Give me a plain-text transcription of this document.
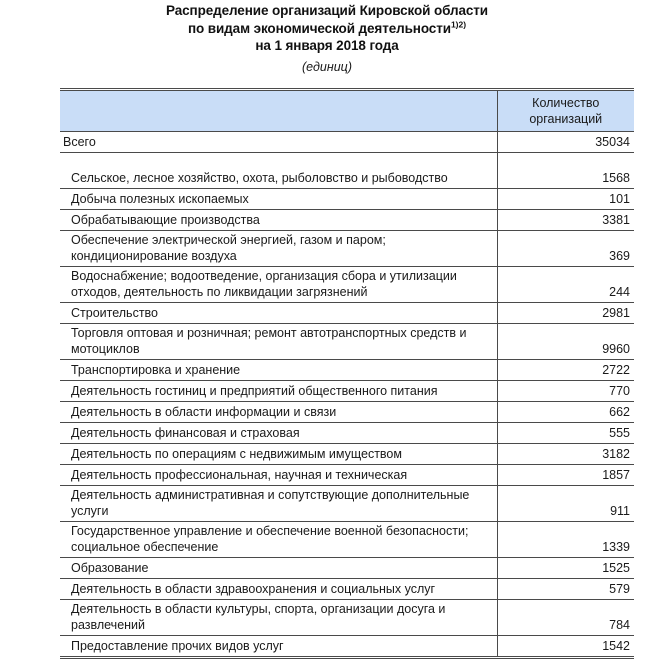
Распределение организаций Кировской области
по видам экономической деятельности$^{1)2)}$
на 1 января 2018 года
(единиц)

	Количество
организаций

Всего	35034

Сельское, лесное хозяйство, охота, рыболовство и рыбоводство	1568

Добыча полезных ископаемых	101

Обрабатывающие производства	3381

Обеспечение электрической энергией, газом и паром; кондиционирование воздуха	369

Водоснабжение; водоотведение, организация сбора и утилизации отходов, деятельность по ликвидации загрязнений	244

Строительство	2981

Торговля оптовая и розничная; ремонт автотранспортных средств и мотоциклов	9960

Транспортировка и хранение	2722

Деятельность гостиниц и предприятий общественного питания	770

Деятельность в области информации и связи	662

Деятельность финансовая и страховая	555

Деятельность по операциям с недвижимым имуществом	3182

Деятельность профессиональная, научная и техническая	1857

Деятельность административная и сопутствующие дополнительные услуги	911

Государственное управление и обеспечение военной безопасности; социальное обеспечение	1339

Образование	1525

Деятельность в области здравоохранения и социальных услуг	579

Деятельность в области культуры, спорта, организации досуга и развлечений	784

Предоставление прочих видов услуг	1542
